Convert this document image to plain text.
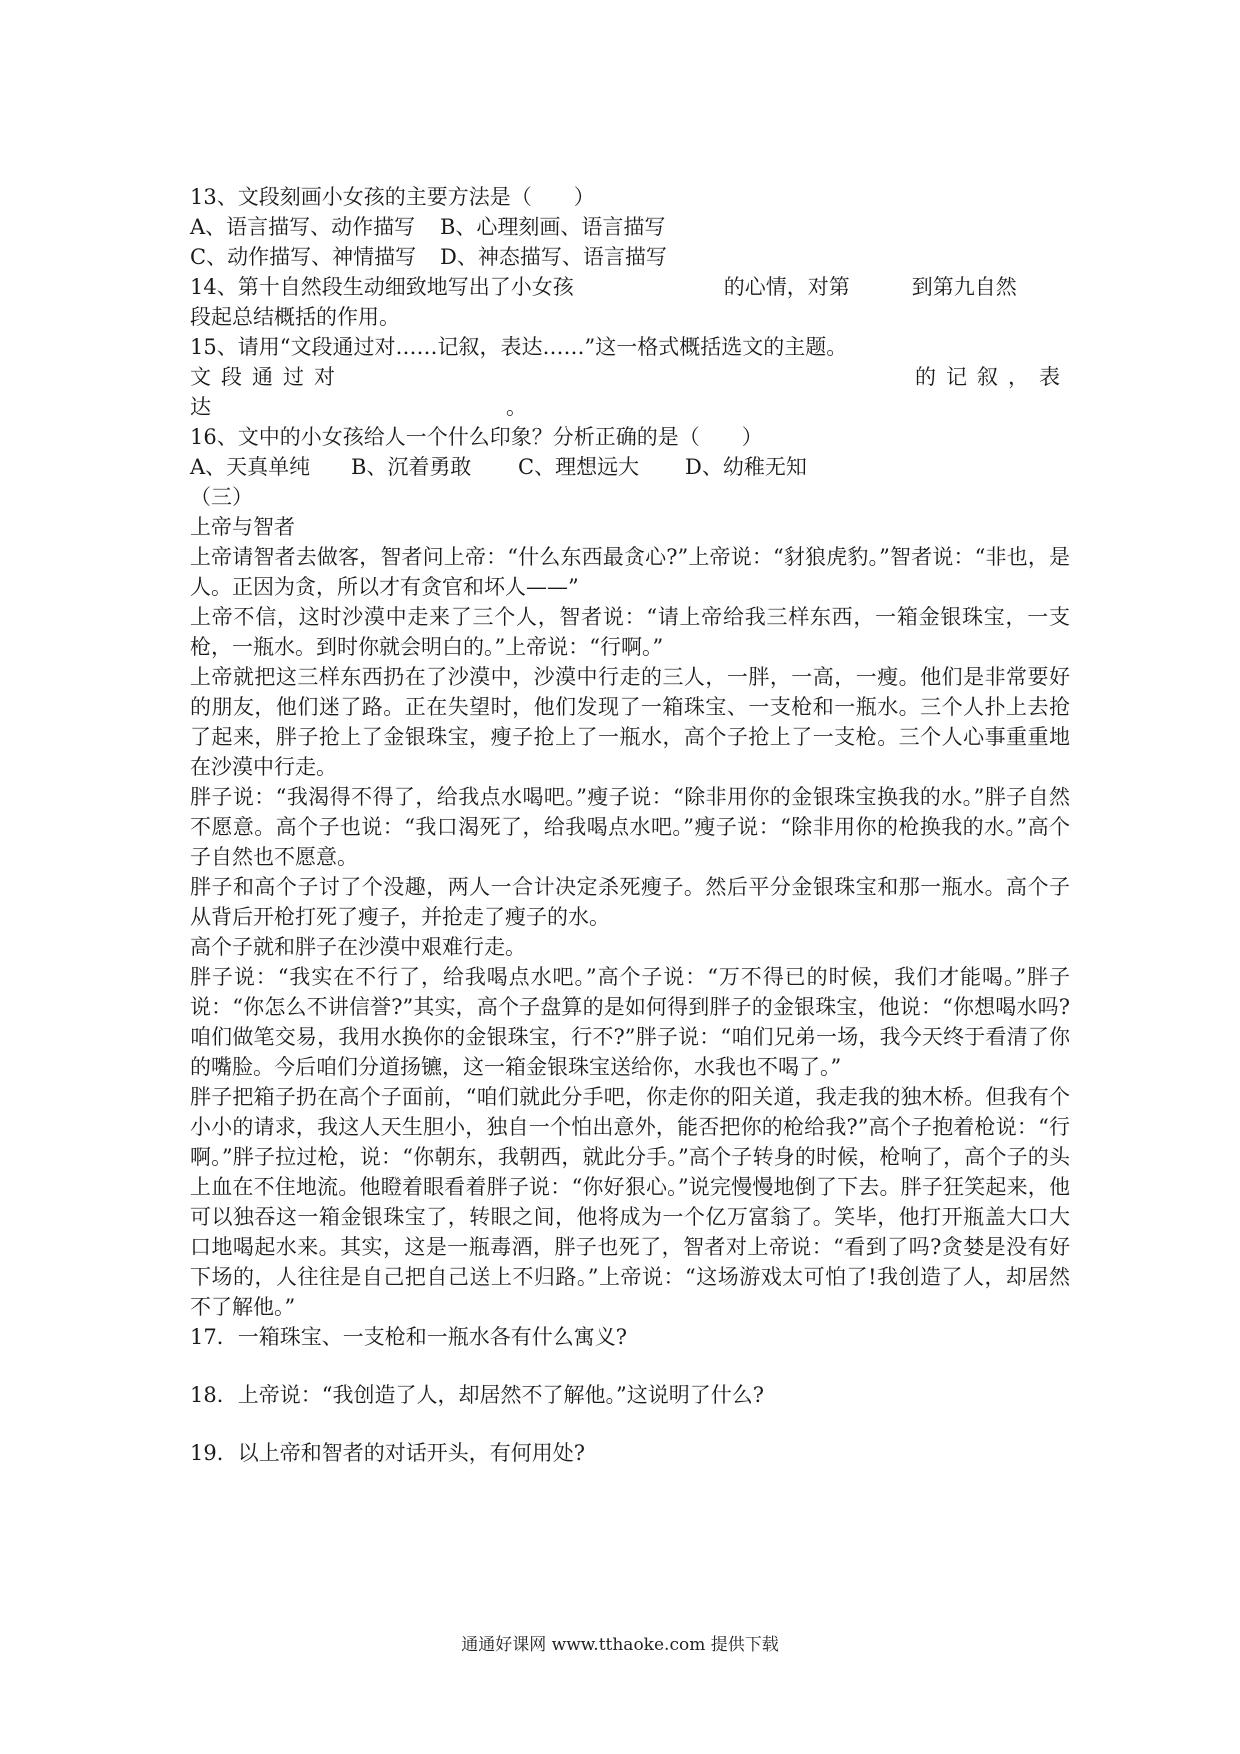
13、文段刻画小女孩的主要方法是（　　）
A、语言描写、动作描写 B、心理刻画、语言描写
C、动作描写、神情描写 D、神态描写、语言描写
14、第十自然段生动细致地写出了小女孩	的心情，对第	到第九自然
段起总结概括的作用。
15、请用“文段通过对……记叙，表达……”这一格式概括选文的主题。
文段通过对	的记叙，表
达	。
16、文中的小女孩给人一个什么印象？分析正确的是（　　）
A、天真单纯 B、沉着勇敢 C、理想远大 D、幼稚无知
（三）
上帝与智者
上帝请智者去做客，智者问上帝：“什么东西最贪心?”上帝说：“豺狼虎豹。”智者说：“非也，是人。正因为贪，所以才有贪官和坏人——”
上帝不信，这时沙漠中走来了三个人，智者说：“请上帝给我三样东西，一箱金银珠宝，一支枪，一瓶水。到时你就会明白的。”上帝说：“行啊。”
上帝就把这三样东西扔在了沙漠中，沙漠中行走的三人，一胖，一高，一瘦。他们是非常要好的朋友，他们迷了路。正在失望时，他们发现了一箱珠宝、一支枪和一瓶水。三个人扑上去抢了起来，胖子抢上了金银珠宝，瘦子抢上了一瓶水，高个子抢上了一支枪。三个人心事重重地在沙漠中行走。
胖子说：“我渴得不得了，给我点水喝吧。”瘦子说：“除非用你的金银珠宝换我的水。”胖子自然不愿意。高个子也说：“我口渴死了，给我喝点水吧。”瘦子说：“除非用你的枪换我的水。”高个子自然也不愿意。
胖子和高个子讨了个没趣，两人一合计决定杀死瘦子。然后平分金银珠宝和那一瓶水。高个子从背后开枪打死了瘦子，并抢走了瘦子的水。
高个子就和胖子在沙漠中艰难行走。
胖子说：“我实在不行了，给我喝点水吧。”高个子说：“万不得已的时候，我们才能喝。”胖子说：“你怎么不讲信誉?”其实，高个子盘算的是如何得到胖子的金银珠宝，他说：“你想喝水吗?咱们做笔交易，我用水换你的金银珠宝，行不?”胖子说：“咱们兄弟一场，我今天终于看清了你的嘴脸。今后咱们分道扬镳，这一箱金银珠宝送给你，水我也不喝了。”
胖子把箱子扔在高个子面前，“咱们就此分手吧，你走你的阳关道，我走我的独木桥。但我有个小小的请求，我这人天生胆小，独自一个怕出意外，能否把你的枪给我?”高个子抱着枪说：“行啊。”胖子拉过枪，说：“你朝东，我朝西，就此分手。”高个子转身的时候，枪响了，高个子的头上血在不住地流。他瞪着眼看着胖子说：“你好狠心。”说完慢慢地倒了下去。胖子狂笑起来，他可以独吞这一箱金银珠宝了，转眼之间，他将成为一个亿万富翁了。笑毕，他打开瓶盖大口大口地喝起水来。其实，这是一瓶毒酒，胖子也死了，智者对上帝说：“看到了吗?贪婪是没有好下场的，人往往是自己把自己送上不归路。”上帝说：“这场游戏太可怕了!我创造了人，却居然不了解他。”
17．一箱珠宝、一支枪和一瓶水各有什么寓义?
18．上帝说：“我创造了人，却居然不了解他。”这说明了什么?
19．以上帝和智者的对话开头，有何用处?
通通好课网 www.tthaoke.com 提供下载
